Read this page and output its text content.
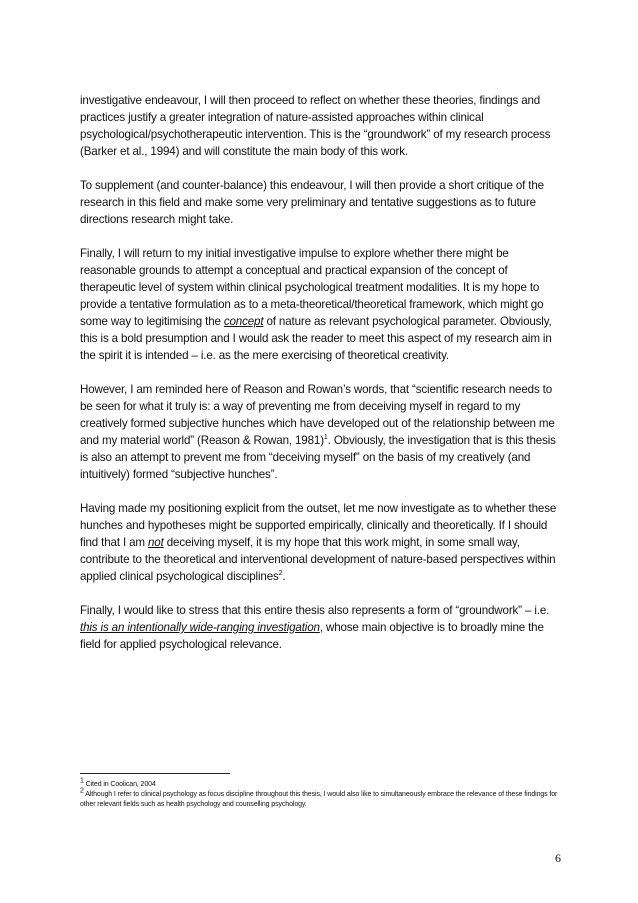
investigative endeavour, I will then proceed to reflect on whether these theories, findings and practices justify a greater integration of nature-assisted approaches within clinical psychological/psychotherapeutic intervention. This is the “groundwork” of my research process (Barker et al., 1994) and will constitute the main body of this work.

To supplement (and counter-balance) this endeavour, I will then provide a short critique of the research in this field and make some very preliminary and tentative suggestions as to future directions research might take.

Finally, I will return to my initial investigative impulse to explore whether there might be reasonable grounds to attempt a conceptual and practical expansion of the concept of therapeutic level of system within clinical psychological treatment modalities. It is my hope to provide a tentative formulation as to a meta-theoretical/theoretical framework, which might go some way to legitimising the concept of nature as relevant psychological parameter. Obviously, this is a bold presumption and I would ask the reader to meet this aspect of my research aim in the spirit it is intended – i.e. as the mere exercising of theoretical creativity.

However, I am reminded here of Reason and Rowan’s words, that “scientific research needs to be seen for what it truly is: a way of preventing me from deceiving myself in regard to my creatively formed subjective hunches which have developed out of the relationship between me and my material world” (Reason & Rowan, 1981)$^1$. Obviously, the investigation that is this thesis is also an attempt to prevent me from “deceiving myself” on the basis of my creatively (and intuitively) formed “subjective hunches”.

Having made my positioning explicit from the outset, let me now investigate as to whether these hunches and hypotheses might be supported empirically, clinically and theoretically. If I should find that I am not deceiving myself, it is my hope that this work might, in some small way, contribute to the theoretical and interventional development of nature-based perspectives within applied clinical psychological disciplines$^2$.

Finally, I would like to stress that this entire thesis also represents a form of “groundwork” – i.e. this is an intentionally wide-ranging investigation, whose main objective is to broadly mine the field for applied psychological relevance.

$^1$ Cited in Coolican, 2004

$^2$ Although I refer to clinical psychology as focus discipline throughout this thesis, I would also like to simultaneously embrace the relevance of these findings for other relevant fields such as health psychology and counselling psychology.

6
